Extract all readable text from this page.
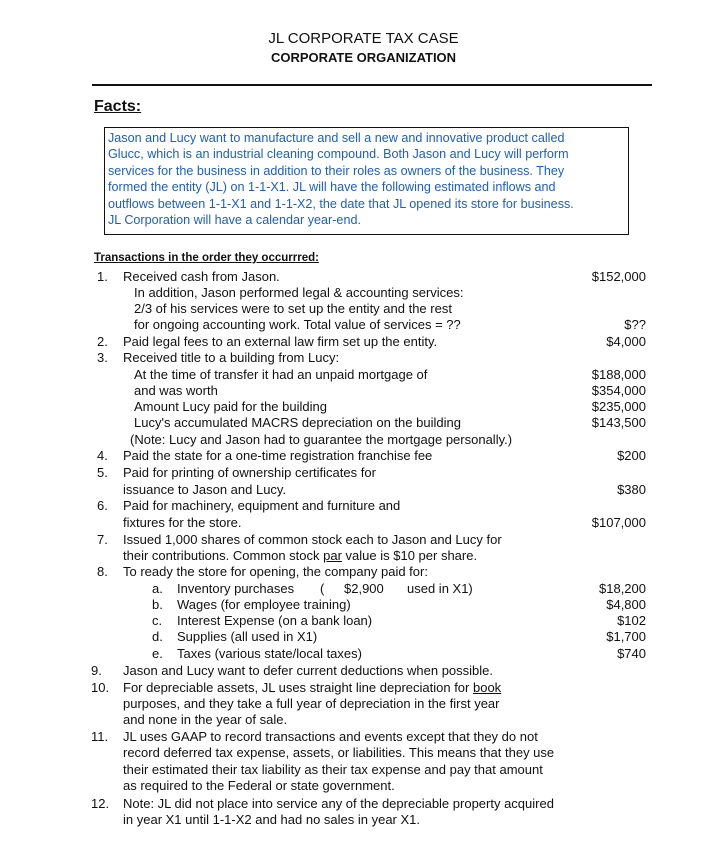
JL CORPORATE TAX CASE
CORPORATE ORGANIZATION
Facts:
Jason and Lucy want to manufacture and sell a new and innovative product called
Glucc, which is an industrial cleaning compound. Both Jason and Lucy will perform
services for the business in addition to their roles as owners of the business. They
formed the entity (JL) on 1-1-X1. JL will have the following estimated inflows and
outflows between 1-1-X1 and 1-1-X2, the date that JL opened its store for business.
JL Corporation will have a calendar year-end.
Transactions in the order they occurrred:
1. Received cash from Jason.	$152,000
In addition, Jason performed legal & accounting services:
2/3 of his services were to set up the entity and the rest
for ongoing accounting work. Total value of services = ??	$??
2. Paid legal fees to an external law firm set up the entity.	$4,000
3. Received title to a building from Lucy:
At the time of transfer it had an unpaid mortgage of	$188,000
and was worth	$354,000
Amount Lucy paid for the building	$235,000
Lucy's accumulated MACRS depreciation on the building	$143,500
(Note: Lucy and Jason had to guarantee the mortgage personally.)
4. Paid the state for a one-time registration franchise fee	$200
5. Paid for printing of ownership certificates for
issuance to Jason and Lucy.	$380
6. Paid for machinery, equipment and furniture and
fixtures for the store.	$107,000
7. Issued 1,000 shares of common stock each to Jason and Lucy for
their contributions. Common stock par value is $10 per share.
8. To ready the store for opening, the company paid for:
a. Inventory purchases ( $2,900 used in X1)	$18,200
b. Wages (for employee training)	$4,800
c. Interest Expense (on a bank loan)	$102
d. Supplies (all used in X1)	$1,700
e. Taxes (various state/local taxes)	$740
9. Jason and Lucy want to defer current deductions when possible.
10. For depreciable assets, JL uses straight line depreciation for book
purposes, and they take a full year of depreciation in the first year
and none in the year of sale.
11. JL uses GAAP to record transactions and events except that they do not
record deferred tax expense, assets, or liabilities. This means that they use
their estimated their tax liability as their tax expense and pay that amount
as required to the Federal or state government.
12. Note: JL did not place into service any of the depreciable property acquired
in year X1 until 1-1-X2 and had no sales in year X1.
